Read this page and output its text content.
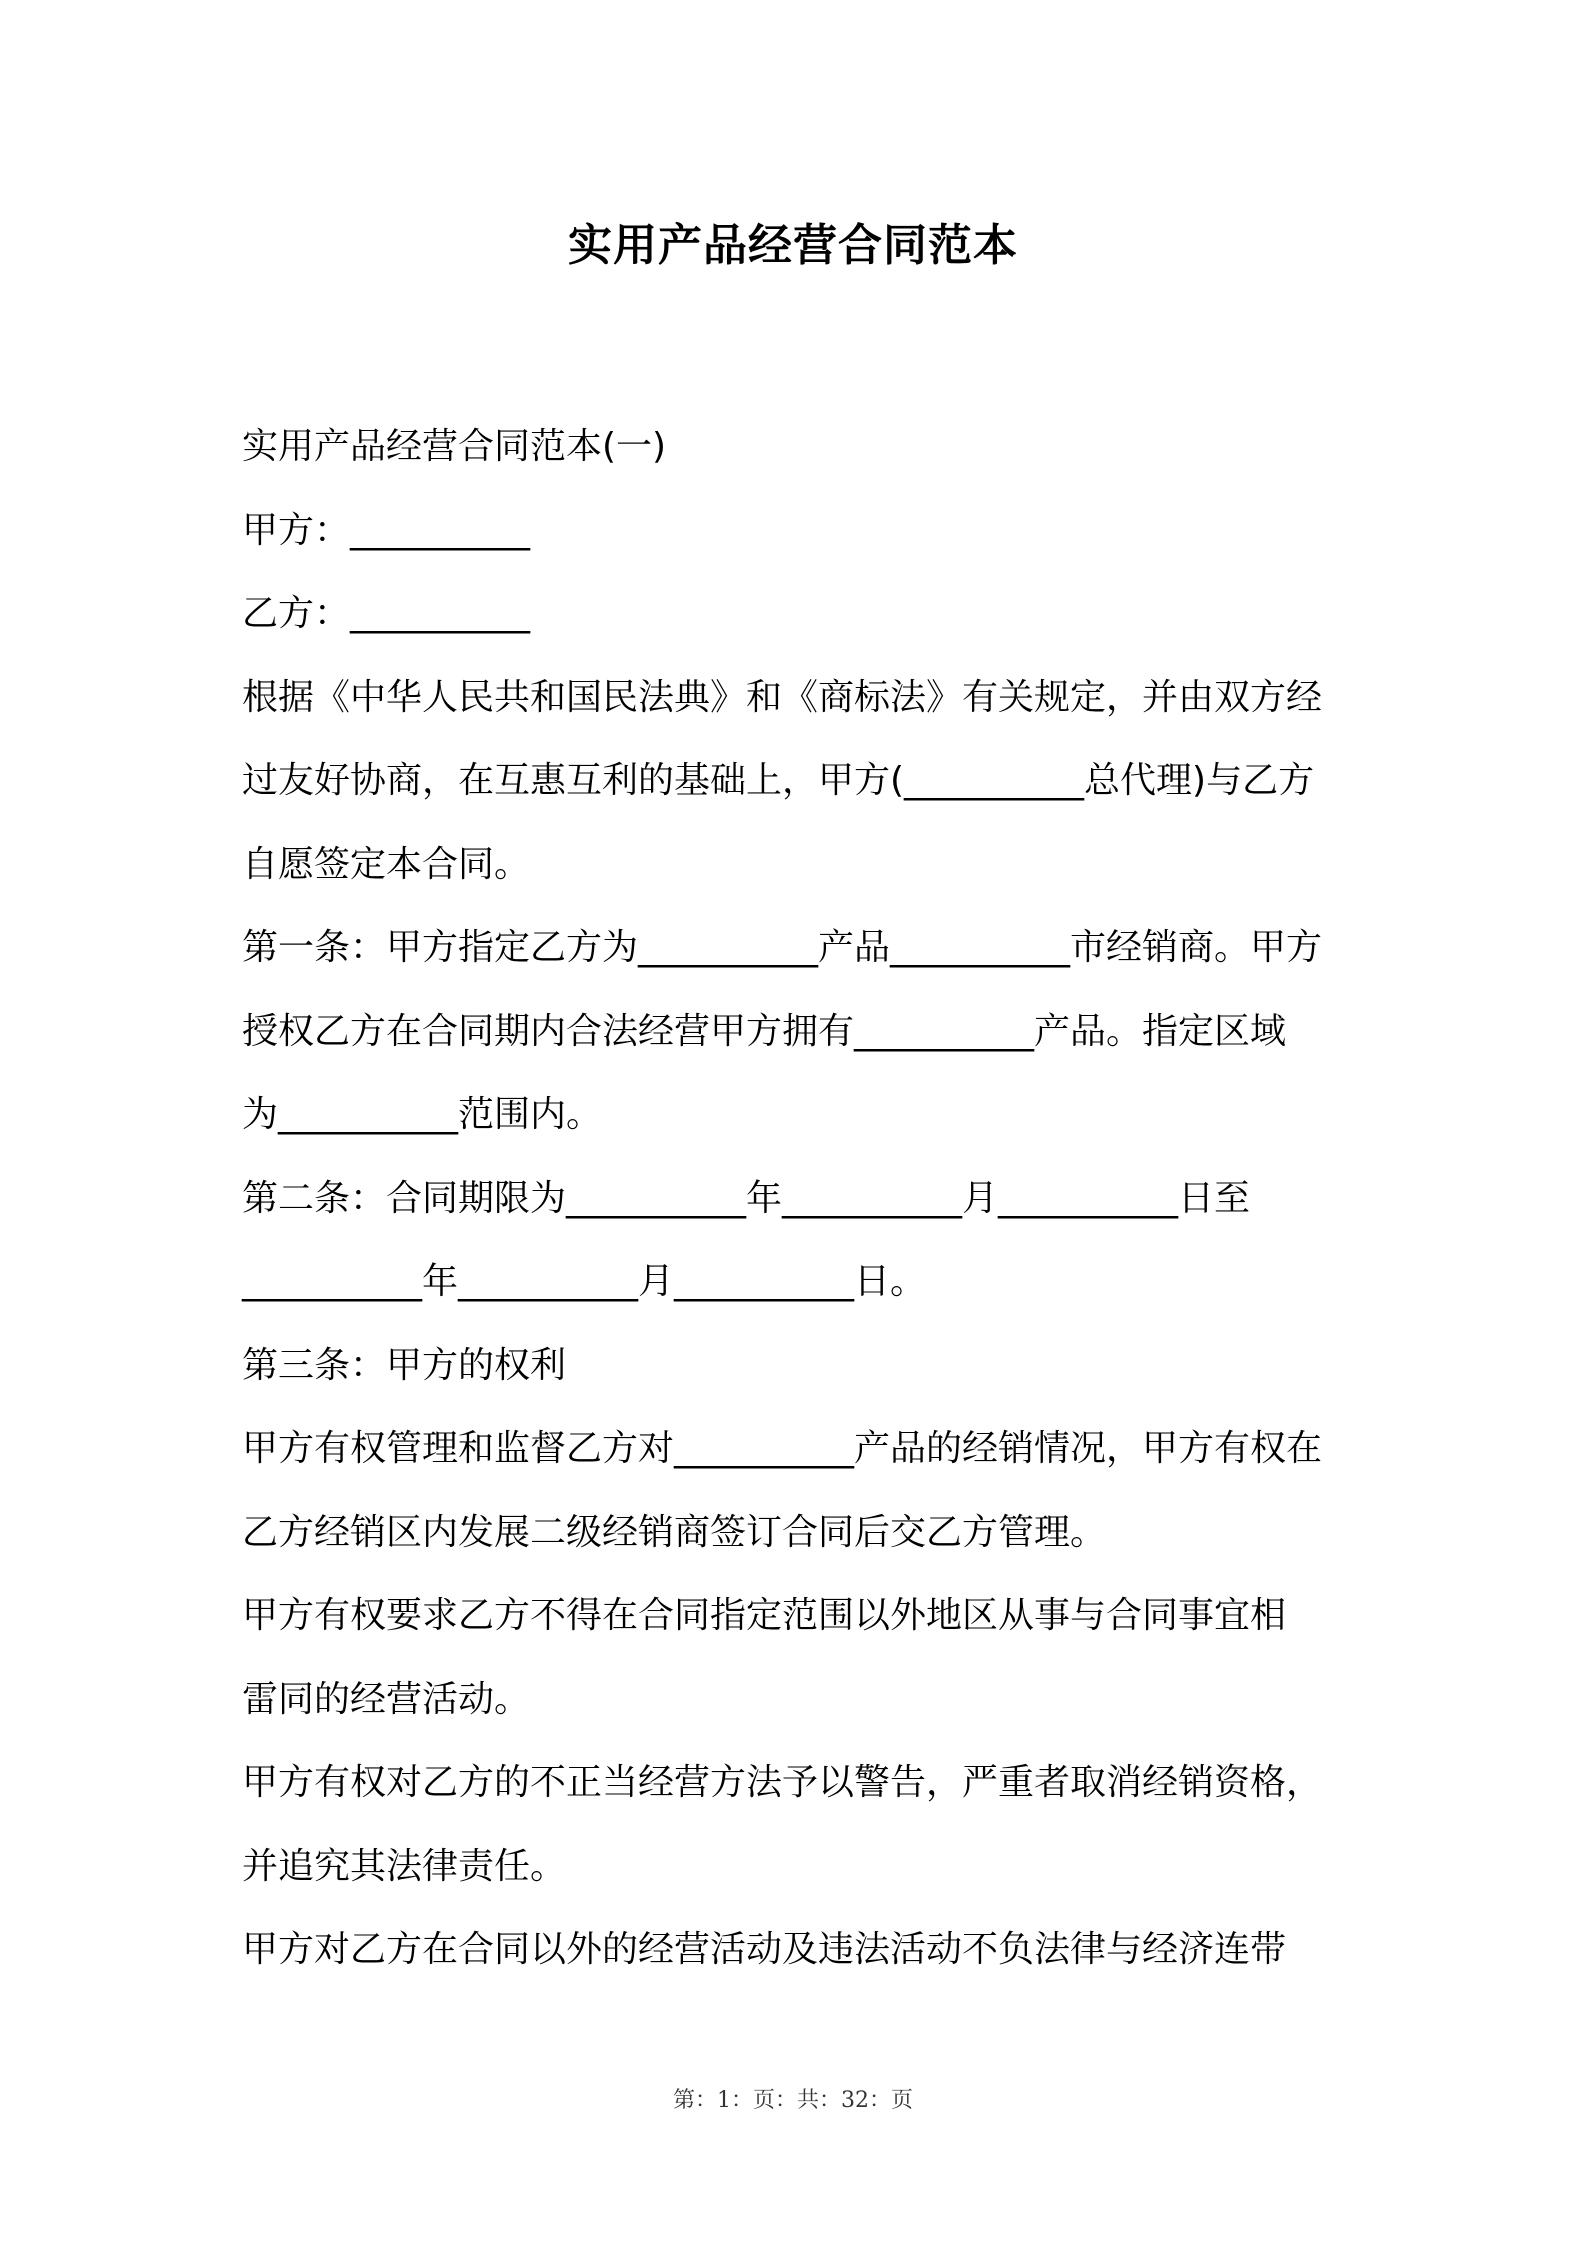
实用产品经营合同范本
实用产品经营合同范本(一)
甲方：__________
乙方：__________
根据《中华人民共和国民法典》和《商标法》有关规定，并由双方经
过友好协商，在互惠互利的基础上，甲方(__________总代理)与乙方
自愿签定本合同。
第一条：甲方指定乙方为__________产品__________市经销商。甲方
授权乙方在合同期内合法经营甲方拥有__________产品。指定区域
为__________范围内。
第二条：合同期限为__________年__________月__________日至
__________年__________月__________日。
第三条：甲方的权利
甲方有权管理和监督乙方对__________产品的经销情况，甲方有权在
乙方经销区内发展二级经销商签订合同后交乙方管理。
甲方有权要求乙方不得在合同指定范围以外地区从事与合同事宜相
雷同的经营活动。
甲方有权对乙方的不正当经营方法予以警告，严重者取消经销资格，
并追究其法律责任。
甲方对乙方在合同以外的经营活动及违法活动不负法律与经济连带
第：1：页：共：32：页
